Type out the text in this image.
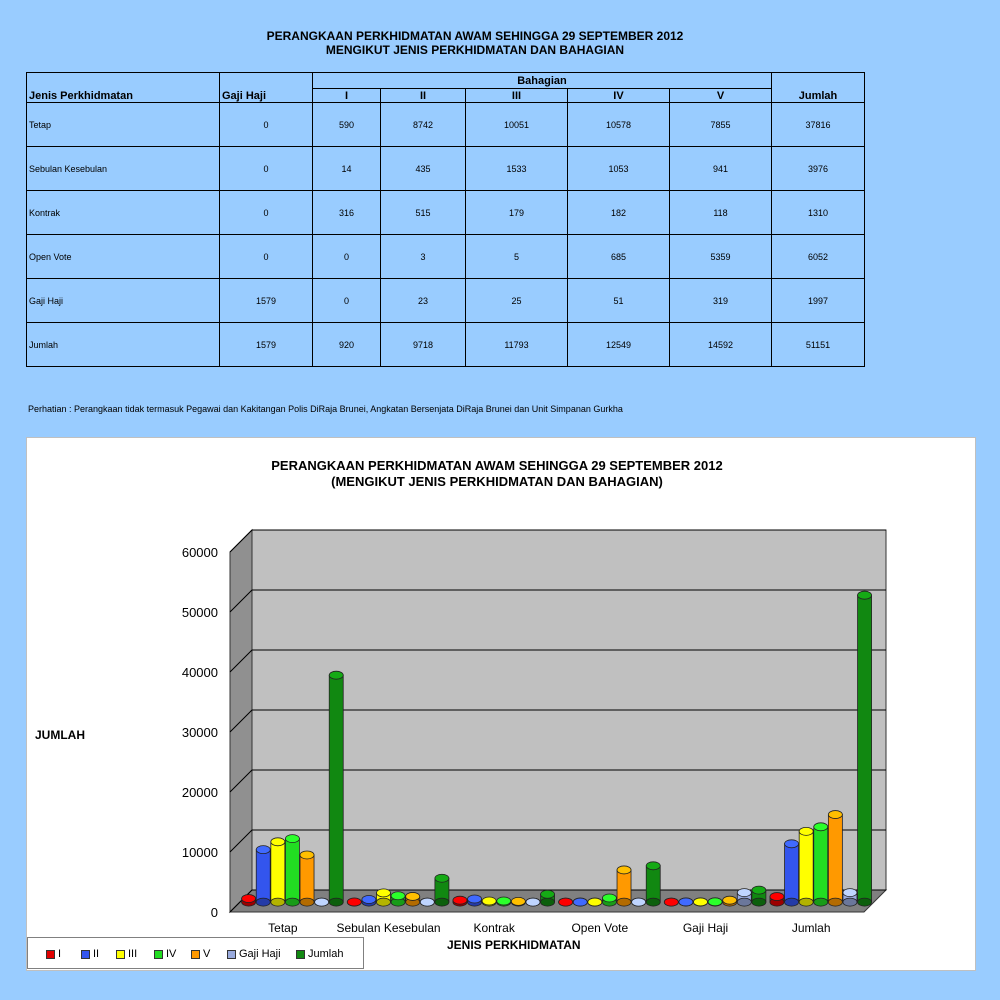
PERANGKAAN PERKHIDMATAN AWAM SEHINGGA 29 SEPTEMBER 2012
MENGIKUT JENIS PERKHIDMATAN DAN BAHAGIAN
Jenis Perkhidmatan	Gaji Haji	Bahagian					Jumlah
		I	II	III	IV	V	
Tetap	0	590	8742	10051	10578	7855	37816
Sebulan Kesebulan	0	14	435	1533	1053	941	3976
Kontrak	0	316	515	179	182	118	1310
Open Vote	0	0	3	5	685	5359	6052
Gaji Haji	1579	0	23	25	51	319	1997
Jumlah	1579	920	9718	11793	12549	14592	51151
Perhatian : Perangkaan tidak termasuk Pegawai dan Kakitangan Polis DiRaja Brunei, Angkatan Bersenjata DiRaja Brunei dan Unit Simpanan Gurkha
PERANGKAAN PERKHIDMATAN AWAM SEHINGGA 29 SEPTEMBER 2012
(MENGIKUT JENIS PERKHIDMATAN DAN BAHAGIAN)
0
10000
20000
30000
40000
50000
60000
Tetap	Sebulan Kesebulan	Kontrak	Open Vote	Gaji Haji	Jumlah
JUMLAH
JENIS PERKHIDMATAN
I	II	III	IV	V	Gaji Haji	Jumlah
